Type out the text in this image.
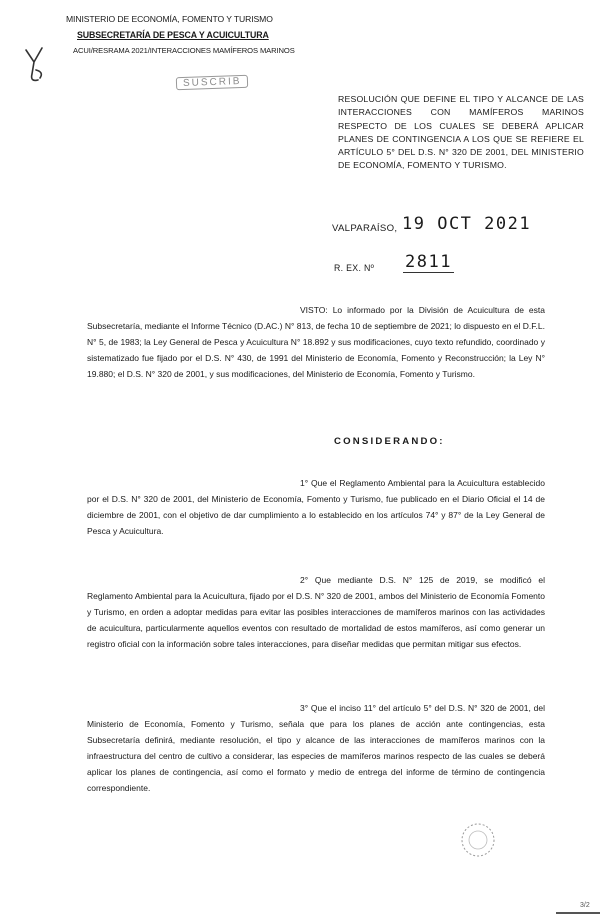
MINISTERIO DE ECONOMÍA, FOMENTO Y TURISMO
SUBSECRETARÍA DE PESCA Y ACUICULTURA
ACUI/RESRAMA 2021/INTERACCIONES MAMÍFEROS MARINOS
SUSCRIB
RESOLUCIÓN QUE DEFINE EL TIPO Y ALCANCE DE LAS INTERACCIONES CON MAMÍFEROS MARINOS RESPECTO DE LOS CUALES SE DEBERÁ APLICAR PLANES DE CONTINGENCIA A LOS QUE SE REFIERE EL ARTÍCULO 5° DEL D.S. N° 320 DE 2001, DEL MINISTERIO DE ECONOMÍA, FOMENTO Y TURISMO.
VALPARAÍSO, 19 OCT 2021
R. EX. Nº 2811
VISTO: Lo informado por la División de Acuicultura de esta Subsecretaría, mediante el Informe Técnico (D.AC.) N° 813, de fecha 10 de septiembre de 2021; lo dispuesto en el D.F.L. N° 5, de 1983; la Ley General de Pesca y Acuicultura N° 18.892 y sus modificaciones, cuyo texto refundido, coordinado y sistematizado fue fijado por el D.S. N° 430, de 1991 del Ministerio de Economía, Fomento y Reconstrucción; la Ley N° 19.880; el D.S. N° 320 de 2001, y sus modificaciones, del Ministerio de Economía, Fomento y Turismo.
CONSIDERANDO:
1° Que el Reglamento Ambiental para la Acuicultura establecido por el D.S. N° 320 de 2001, del Ministerio de Economía, Fomento y Turismo, fue publicado en el Diario Oficial el 14 de diciembre de 2001, con el objetivo de dar cumplimiento a lo establecido en los artículos 74° y 87° de la Ley General de Pesca y Acuicultura.
2° Que mediante D.S. N° 125 de 2019, se modificó el Reglamento Ambiental para la Acuicultura, fijado por el D.S. N° 320 de 2001, ambos del Ministerio de Economía Fomento y Turismo, en orden a adoptar medidas para evitar las posibles interacciones de mamíferos marinos con las actividades de acuicultura, particularmente aquellos eventos con resultado de mortalidad de estos mamíferos, así como generar un registro oficial con la información sobre tales interacciones, para diseñar medidas que permitan mitigar sus efectos.
3° Que el inciso 11° del artículo 5° del D.S. N° 320 de 2001, del Ministerio de Economía, Fomento y Turismo, señala que para los planes de acción ante contingencias, esta Subsecretaría definirá, mediante resolución, el tipo y alcance de las interacciones de mamíferos marinos con la infraestructura del centro de cultivo a considerar, las especies de mamíferos marinos respecto de las cuales se deberá aplicar los planes de contingencia, así como el formato y medio de entrega del informe de término de contingencia correspondiente.
3/2
